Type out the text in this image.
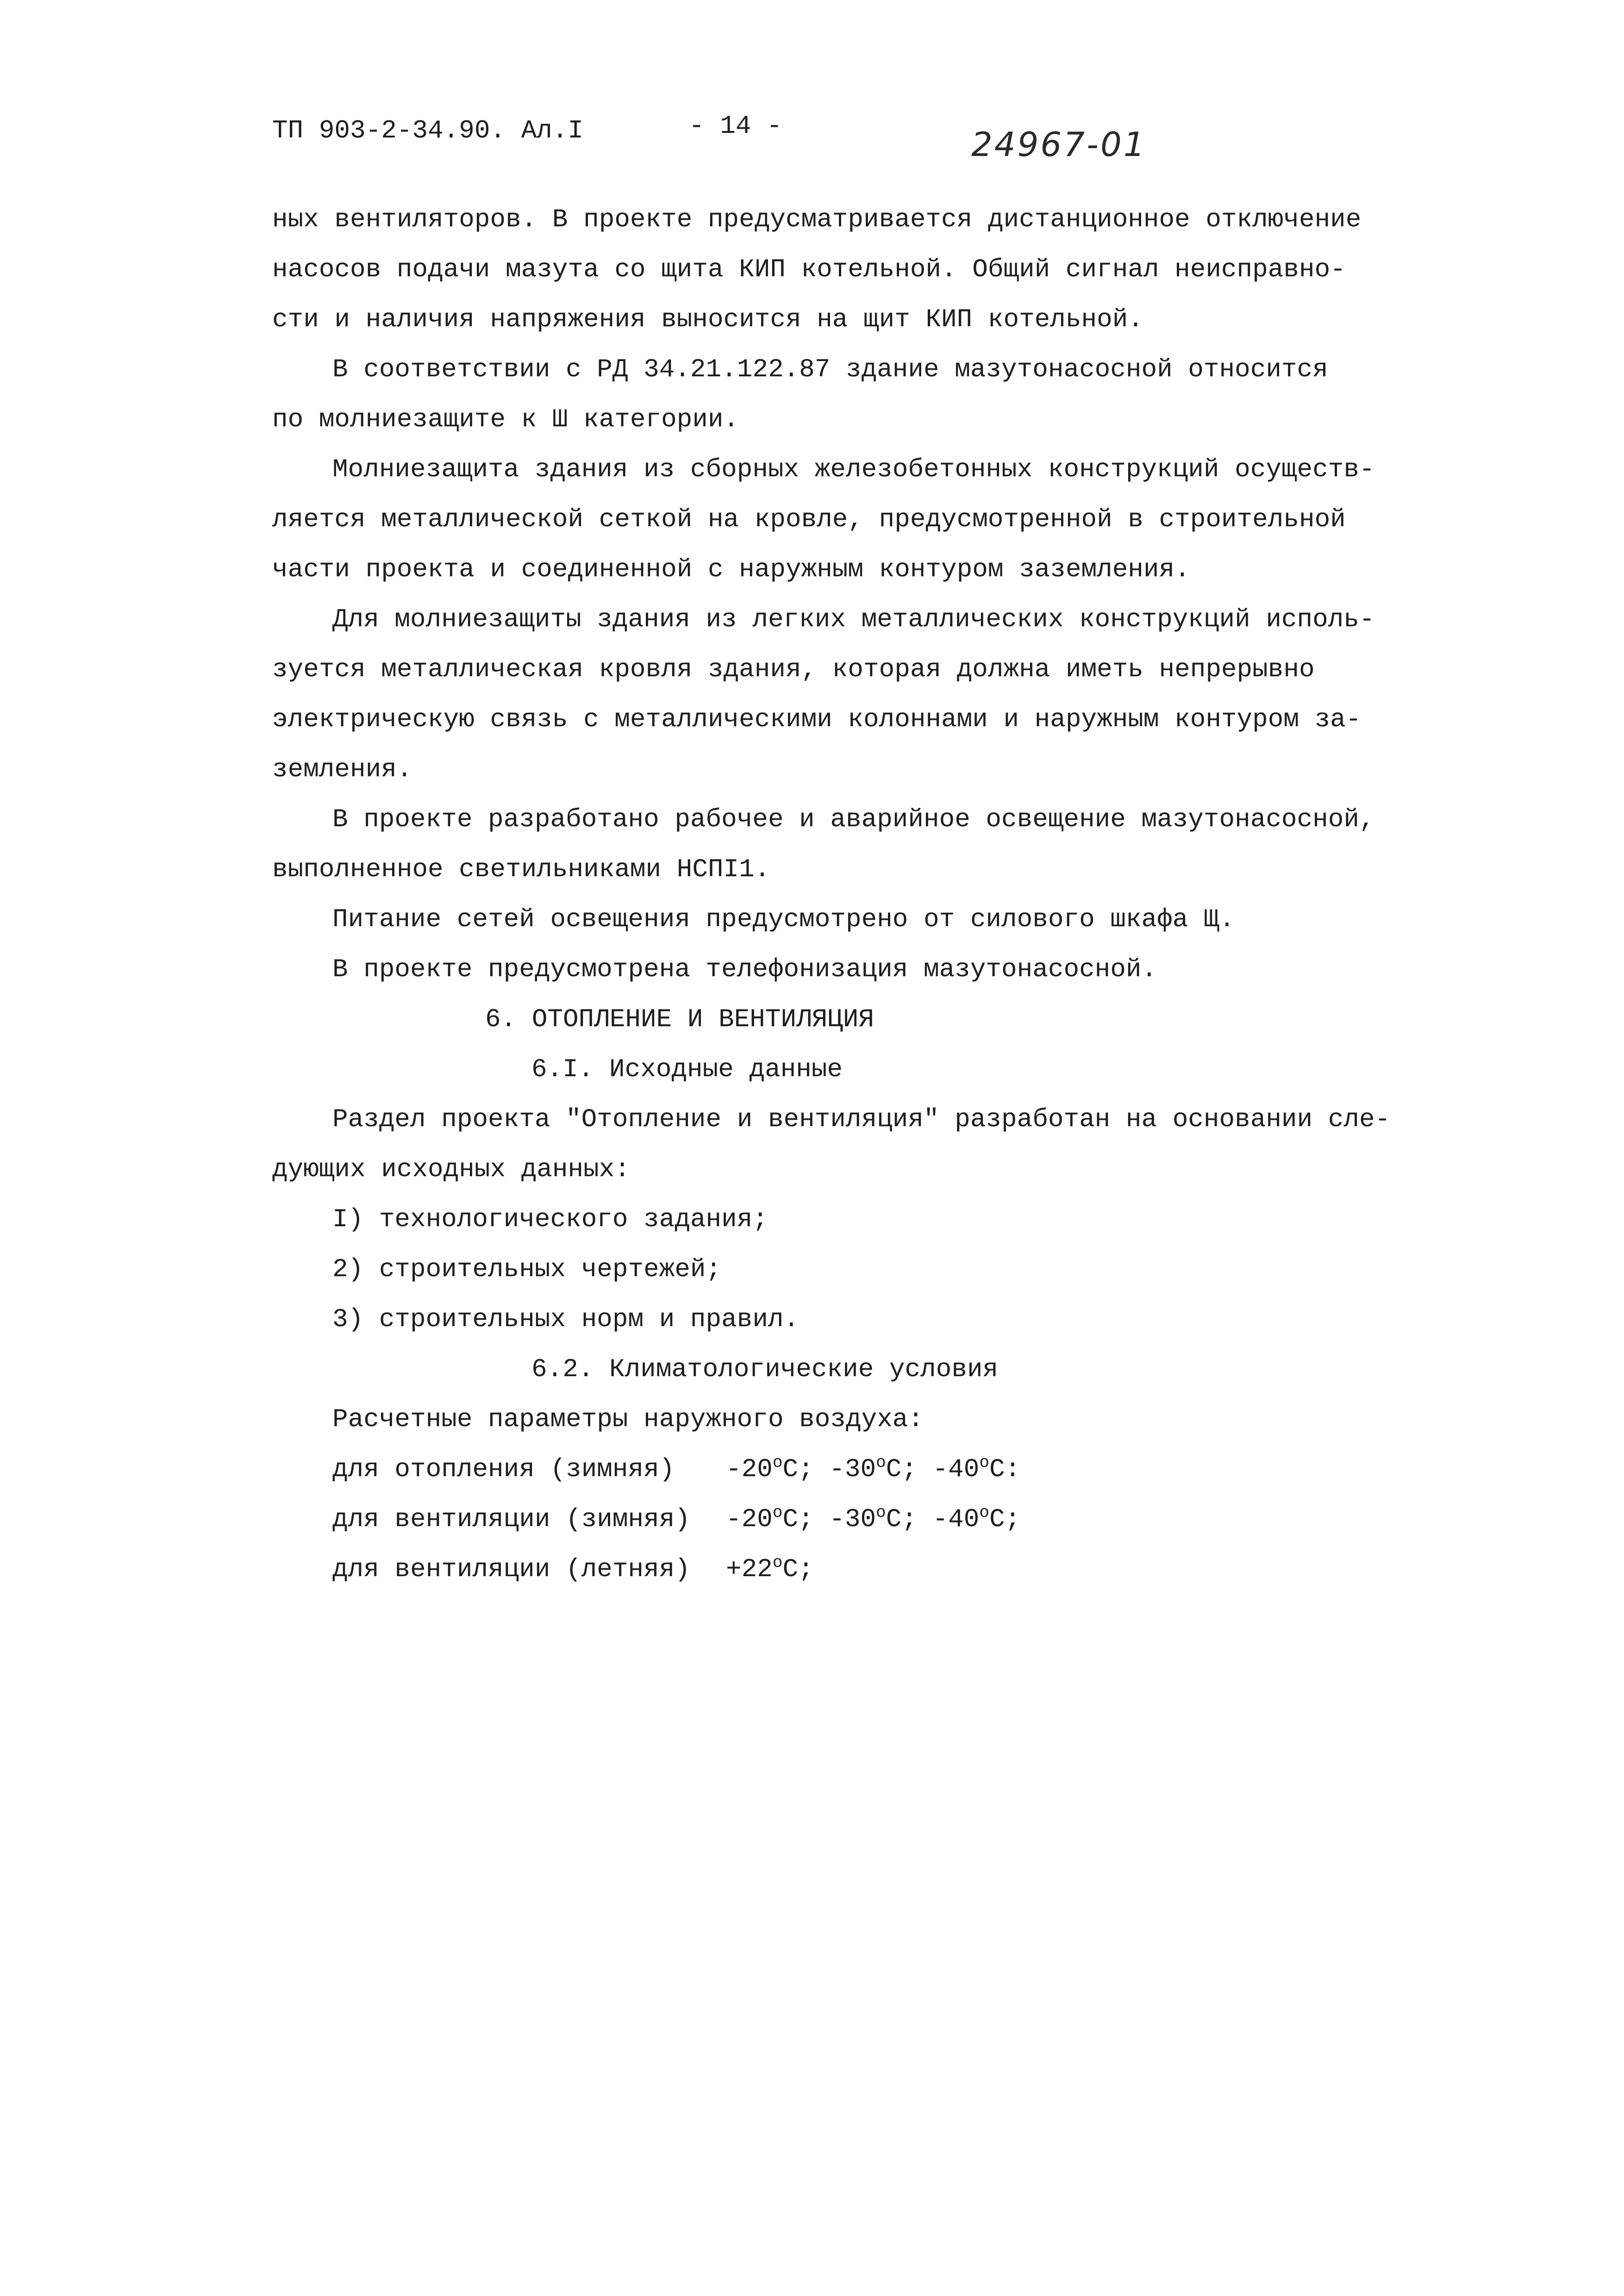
ТП 903-2-34.90. Ал.I	- 14 -	24967-01
ных вентиляторов. В проекте предусматривается дистанционное отключение
насосов подачи мазута со щита КИП котельной. Общий сигнал неисправно-
сти и наличия напряжения выносится на щит КИП котельной.
В соответствии с РД 34.21.122.87 здание мазутонасосной относится
по молниезащите к Ш категории.
Молниезащита здания из сборных железобетонных конструкций осуществ-
ляется металлической сеткой на кровле, предусмотренной в строительной
части проекта и соединенной с наружным контуром заземления.
Для молниезащиты здания из легких металлических конструкций исполь-
зуется металлическая кровля здания, которая должна иметь непрерывно
электрическую связь с металлическими колоннами и наружным контуром за-
земления.
В проекте разработано рабочее и аварийное освещение мазутонасосной,
выполненное светильниками НСПI1.
Питание сетей освещения предусмотрено от силового шкафа Щ.
В проекте предусмотрена телефонизация мазутонасосной.
6. ОТОПЛЕНИЕ И ВЕНТИЛЯЦИЯ
6.I. Исходные данные
Раздел проекта "Отопление и вентиляция" разработан на основании сле-
дующих исходных данных:
I) технологического задания;
2) строительных чертежей;
3) строительных норм и правил.
6.2. Климатологические условия
Расчетные параметры наружного воздуха:
для отопления (зимняя) -20$^o$C; -30$^o$C; -40$^o$C:
для вентиляции (зимняя) -20$^o$C; -30$^o$C; -40$^o$C;
для вентиляции (летняя) $+22^oC$;
